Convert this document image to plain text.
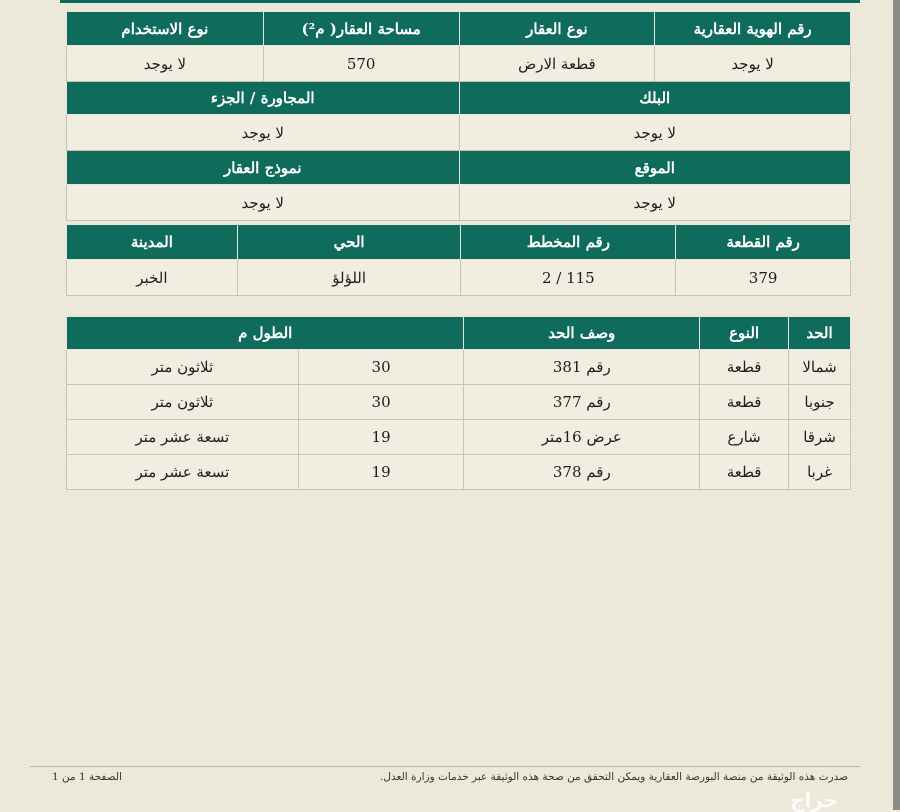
رقم الهوية العقارية	نوع العقار	مساحة العقار( م²)	نوع الاستخدام
لا يوجد	قطعة الارض	570	لا يوجد
البلك		المجاورة / الجزء	
لا يوجد		لا يوجد	
الموقع		نموذج العقار	
لا يوجد		لا يوجد	
رقم القطعة	رقم المخطط	الحي	المدينة
379	115 / 2	اللؤلؤ	الخبر
الحد	النوع	وصف الحد	الطول م	
شمالا	قطعة	رقم 381	30	ثلاثون متر
جنوبا	قطعة	رقم 377	30	ثلاثون متر
شرقا	شارع	عرض 16متر	19	تسعة عشر متر
غربا	قطعة	رقم 378	19	تسعة عشر متر
صدرت هذه الوثيقة من منصة البورصة العقارية ويمكن التحقق من صحة هذه الوثيقة عبر خدمات وزارة العدل.
الصفحة 1 من 1
حراج
